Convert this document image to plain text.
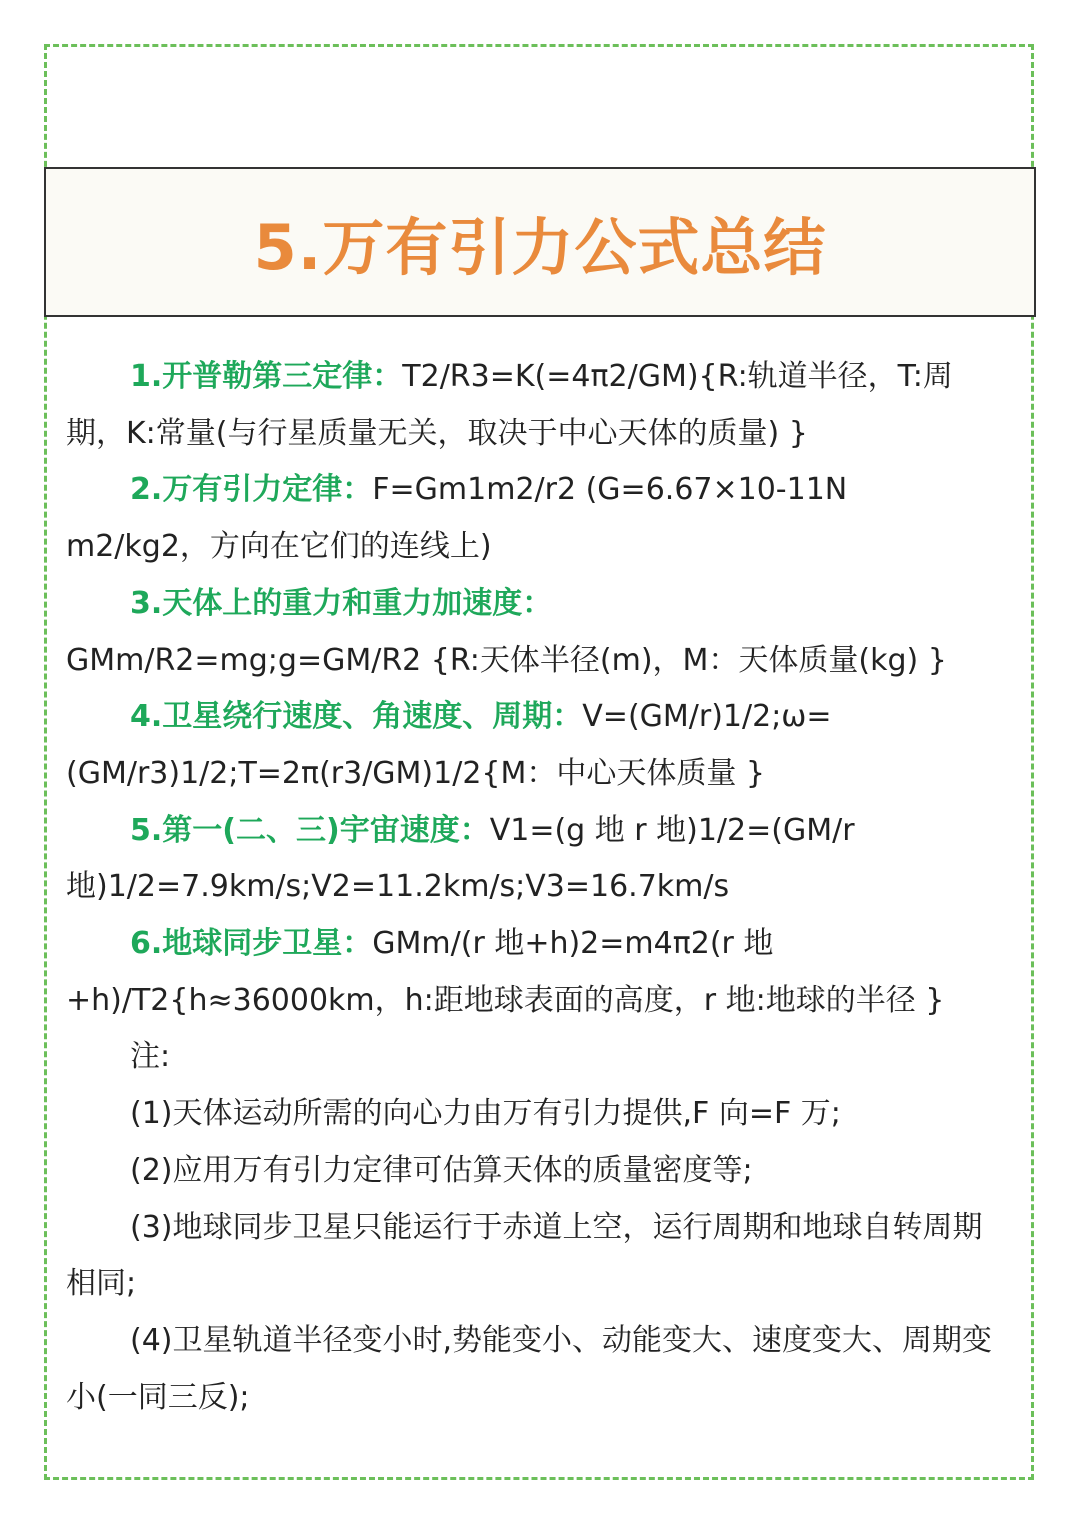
5.万有引力公式总结

1.开普勒第三定律：T2/R3=K(=4π2/GM){R:轨道半径，T:周期，K:常量(与行星质量无关，取决于中心天体的质量) }

2.万有引力定律：F=Gm1m2/r2 (G=6.67×10-11N m2/kg2，方向在它们的连线上)

3.天体上的重力和重力加速度：
GMm/R2=mg;g=GM/R2 {R:天体半径(m)，M：天体质量(kg) }

4.卫星绕行速度、角速度、周期：V=(GM/r)1/2;ω=(GM/r3)1/2;T=2π(r3/GM)1/2{M：中心天体质量 }

5.第一(二、三)宇宙速度：V1=(g 地 r 地)1/2=(GM/r 地)1/2=7.9km/s;V2=11.2km/s;V3=16.7km/s

6.地球同步卫星：GMm/(r 地+h)2=m4π2(r 地+h)/T2{h≈36000km，h:距地球表面的高度，r 地:地球的半径 }

注:

(1)天体运动所需的向心力由万有引力提供,F 向=F 万;

(2)应用万有引力定律可估算天体的质量密度等;

(3)地球同步卫星只能运行于赤道上空，运行周期和地球自转周期相同;

(4)卫星轨道半径变小时,势能变小、动能变大、速度变大、周期变小(一同三反);
